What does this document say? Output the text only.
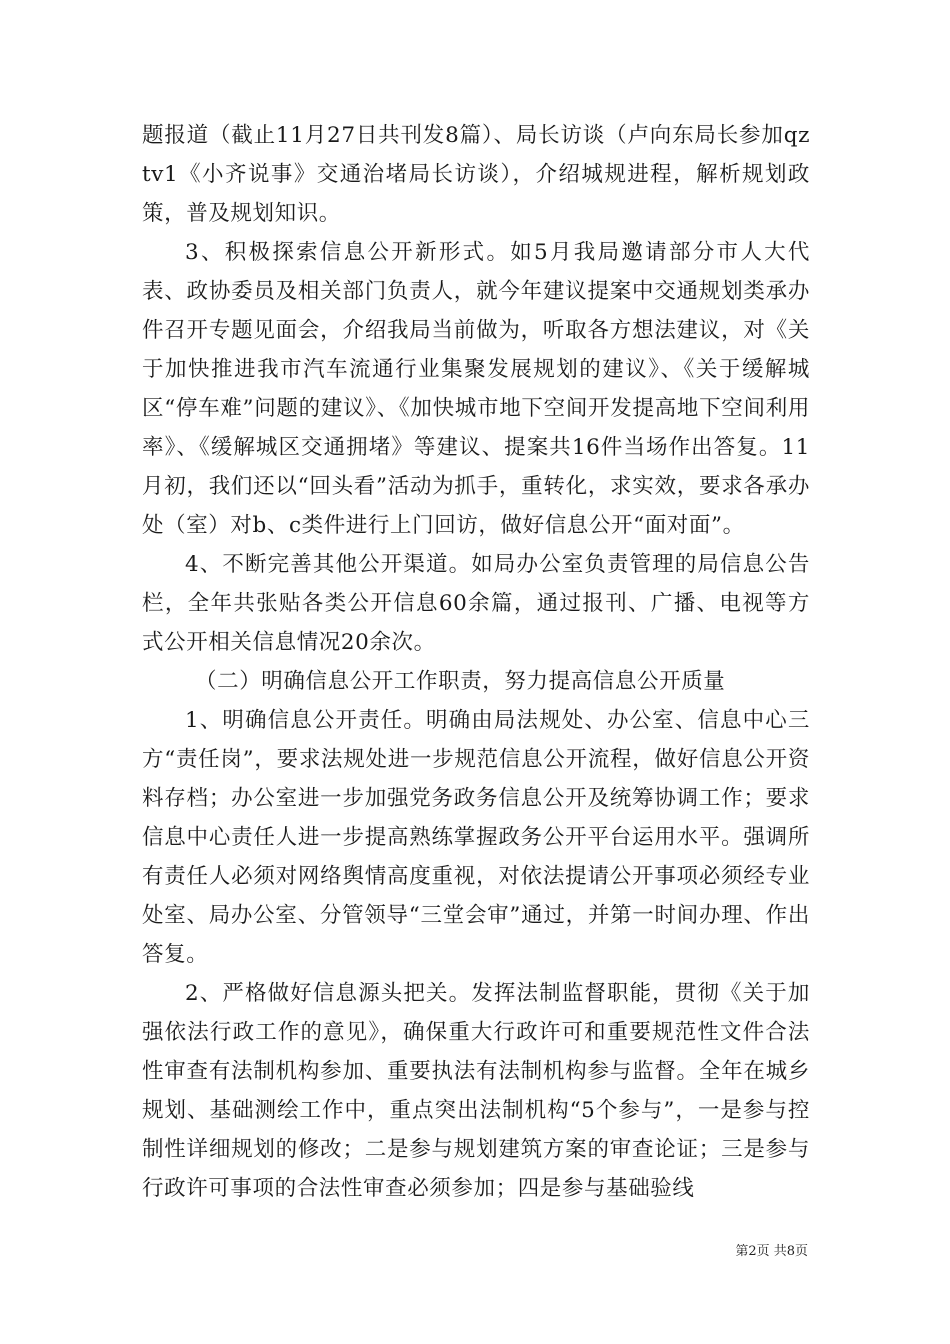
题报道（截止11月27日共刊发8篇）、局长访谈（卢向东局长参加qztv1《小齐说事》交通治堵局长访谈），介绍城规进程，解析规划政策，普及规划知识。

3、积极探索信息公开新形式。如5月我局邀请部分市人大代表、政协委员及相关部门负责人，就今年建议提案中交通规划类承办件召开专题见面会，介绍我局当前做为，听取各方想法建议，对《关于加快推进我市汽车流通行业集聚发展规划的建议》、《关于缓解城区“停车难”问题的建议》、《加快城市地下空间开发提高地下空间利用率》、《缓解城区交通拥堵》等建议、提案共16件当场作出答复。11月初，我们还以“回头看”活动为抓手，重转化，求实效，要求各承办处（室）对b、c类件进行上门回访，做好信息公开“面对面”。

4、不断完善其他公开渠道。如局办公室负责管理的局信息公告栏，全年共张贴各类公开信息60余篇，通过报刊、广播、电视等方式公开相关信息情况20余次。

（二）明确信息公开工作职责，努力提高信息公开质量

1、明确信息公开责任。明确由局法规处、办公室、信息中心三方“责任岗”，要求法规处进一步规范信息公开流程，做好信息公开资料存档；办公室进一步加强党务政务信息公开及统筹协调工作；要求信息中心责任人进一步提高熟练掌握政务公开平台运用水平。强调所有责任人必须对网络舆情高度重视，对依法提请公开事项必须经专业处室、局办公室、分管领导“三堂会审”通过，并第一时间办理、作出答复。

2、严格做好信息源头把关。发挥法制监督职能，贯彻《关于加强依法行政工作的意见》，确保重大行政许可和重要规范性文件合法性审查有法制机构参加、重要执法有法制机构参与监督。全年在城乡规划、基础测绘工作中，重点突出法制机构“5个参与”，一是参与控制性详细规划的修改；二是参与规划建筑方案的审查论证；三是参与行政许可事项的合法性审查必须参加；四是参与基础验线

第2页 共8页
